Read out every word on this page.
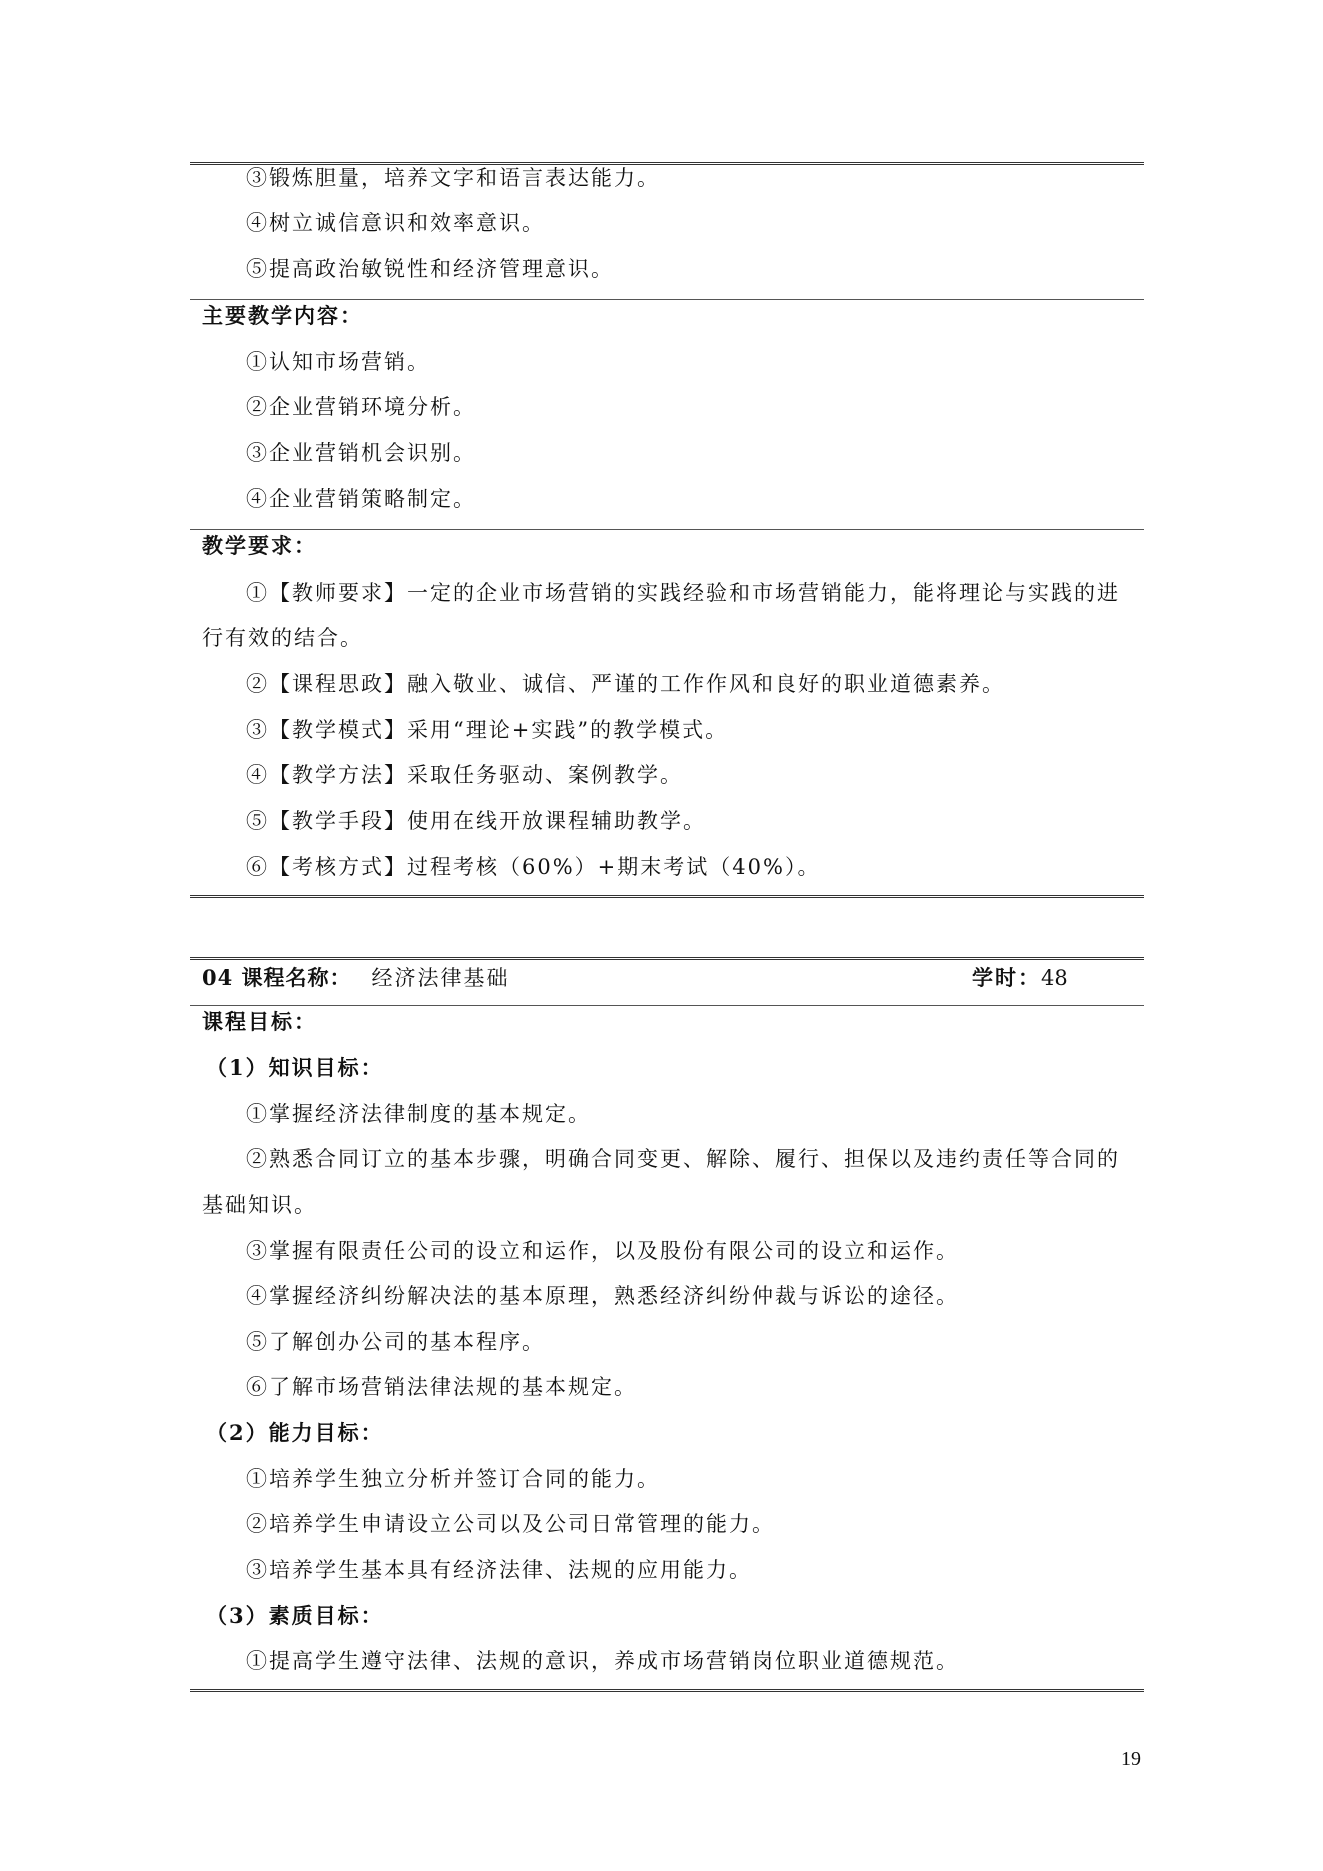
③锻炼胆量，培养文字和语言表达能力。
④树立诚信意识和效率意识。
⑤提高政治敏锐性和经济管理意识。
主要教学内容：
①认知市场营销。
②企业营销环境分析。
③企业营销机会识别。
④企业营销策略制定。
教学要求：
①【教师要求】一定的企业市场营销的实践经验和市场营销能力，能将理论与实践的进
行有效的结合。
②【课程思政】融入敬业、诚信、严谨的工作作风和良好的职业道德素养。
③【教学模式】采用“理论+实践”的教学模式。
④【教学方法】采取任务驱动、案例教学。
⑤【教学手段】使用在线开放课程辅助教学。
⑥【考核方式】过程考核（60%）+期末考试（40%）。
04 课程名称： 经济法律基础	学时：48
课程目标：
（1）知识目标：
①掌握经济法律制度的基本规定。
②熟悉合同订立的基本步骤，明确合同变更、解除、履行、担保以及违约责任等合同的
基础知识。
③掌握有限责任公司的设立和运作，以及股份有限公司的设立和运作。
④掌握经济纠纷解决法的基本原理，熟悉经济纠纷仲裁与诉讼的途径。
⑤了解创办公司的基本程序。
⑥了解市场营销法律法规的基本规定。
（2）能力目标：
①培养学生独立分析并签订合同的能力。
②培养学生申请设立公司以及公司日常管理的能力。
③培养学生基本具有经济法律、法规的应用能力。
（3）素质目标：
①提高学生遵守法律、法规的意识，养成市场营销岗位职业道德规范。
19
